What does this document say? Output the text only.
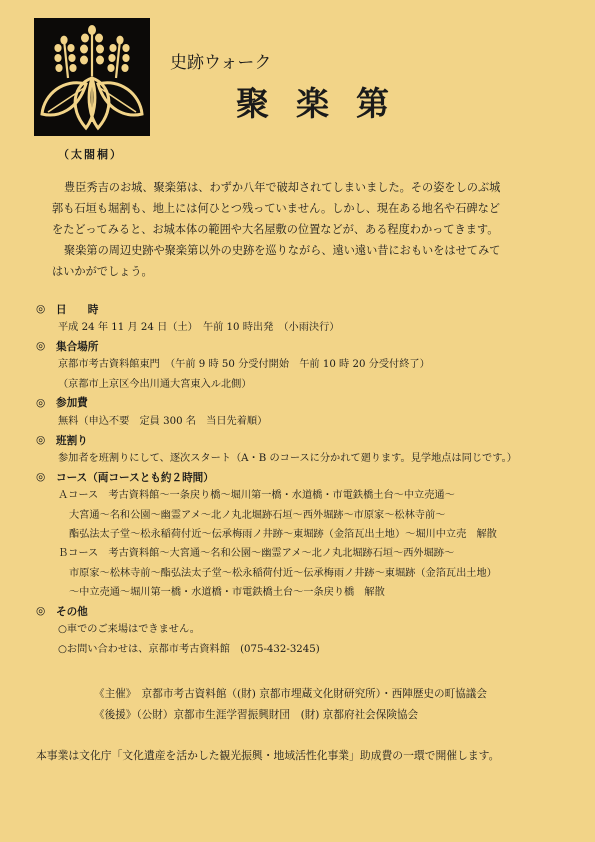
（太閤桐）
史跡ウォーク
聚楽第

豊臣秀吉のお城、聚楽第は、わずか八年で破却されてしまいました。その姿をしのぶ城

郭も石垣も堀割も、地上には何ひとつ残っていません。しかし、現在ある地名や石碑など

をたどってみると、お城本体の範囲や大名屋敷の位置などが、ある程度わかってきます。

聚楽第の周辺史跡や聚楽第以外の史跡を巡りながら、遠い遠い昔におもいをはせてみて

はいかがでしょう。

◎	日　　時
平成 24 年 11 月 24 日（土）　午前 10 時出発　（小雨決行）
◎	集合場所
京都市考古資料館東門　（午前 9 時 50 分受付開始　午前 10 時 20 分受付終了）
（京都市上京区今出川通大宮東入ル北側）
◎	参加費
無料（申込不要　定員 300 名　当日先着順）
◎	班割り
参加者を班割りにして、逐次スタート（A・B のコースに分かれて廻ります。見学地点は同じです。）
◎	コース（両コースとも約２時間）
Ａコース　考古資料館～一条戻り橋～堀川第一橋・水道橋・市電鉄橋土台～中立売通～
大宮通～名和公園～幽霊アメ～北ノ丸北堀跡石垣～西外堀跡～市原家～松林寺前～
酯弘法太子堂～松永稲荷付近～伝承梅雨ノ井跡～東堀跡（金箔瓦出土地）～堀川中立売　解散
Ｂコース　考古資料館～大宮通～名和公園～幽霊アメ～北ノ丸北堀跡石垣～西外堀跡～
市原家～松林寺前～酯弘法太子堂～松永稲荷付近～伝承梅雨ノ井跡～東堀跡（金箔瓦出土地）
～中立売通～堀川第一橋・水道橋・市電鉄橋土台～一条戻り橋　解散
◎	その他
○車でのご来場はできません。
○お問い合わせは、京都市考古資料館　(075-432-3245)
《主催》　京都市考古資料館（(財) 京都市埋蔵文化財研究所）・西陣歴史の町協議会
《後援》（公財）京都市生涯学習振興財団　(財) 京都府社会保険協会
本事業は文化庁「文化遺産を活かした観光振興・地域活性化事業」助成費の一環で開催します。
